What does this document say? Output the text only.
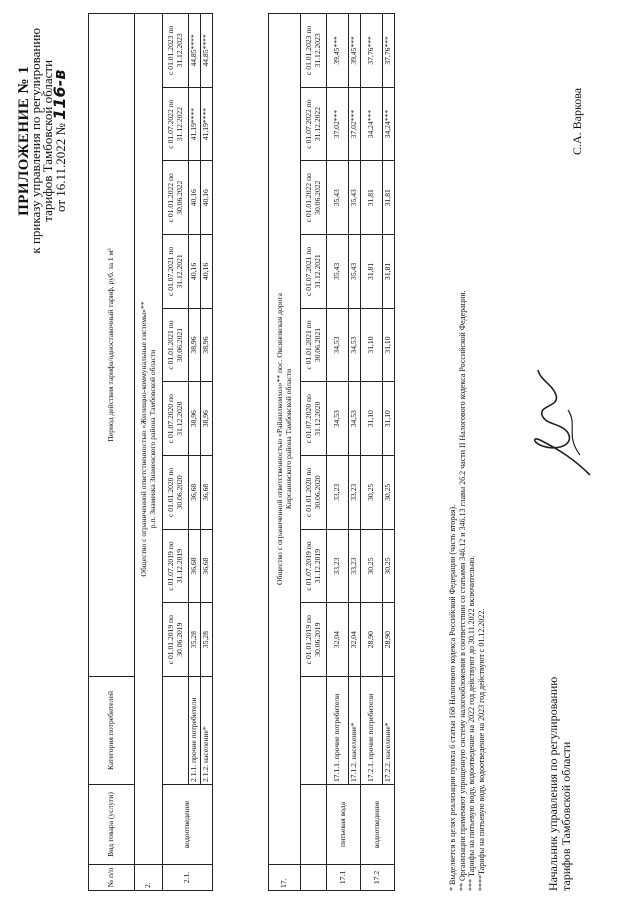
ПРИЛОЖЕНИЕ № 1
к приказу управления по регулированию
тарифов Тамбовской области
от 16.11.2022 № 116-в
№ п/п	Вид товара (услуги)	Категория потребителей	Период действия тарифа/одноставочный тариф, руб. за 1 м³								
2.	Общество с ограниченной ответственностью «Жилищно-коммунальные системы»** р.п. Знаменка Знаменского района Тамбовской области										

2.1.	водоотведение		с 01.01.2019 по 30.06.2019	с 01.07.2019 по 31.12.2019	с 01.01.2020 по 30.06.2020	с 01.07.2020 по 31.12.2020	с 01.01.2021 по 30.06.2021	с 01.07.2021 по 31.12.2021	с 01.01.2022 по 30.06.2022	с 01.07.2022 по 31.12.2022	с 01.01.2023 по 31.12.2023
		2.1.1. прочие потребители	35,28	36,68	36,68	38,96	38,96	40,16	40,16	41,19****	44,85****
		2.1.2. население*	35,28	36,68	36,68	38,96	38,96	40,16	40,16	41,19****	44,85****
17.	Общество с ограниченной ответственностью «Райжилкомхоз»** пос. Овсяновская дорога Кирсановского района Тамбовской области										

			с 01.01.2019 по 30.06.2019	с 01.07.2019 по 31.12.2019	с 01.01.2020 по 30.06.2020	с 01.07.2020 по 31.12.2020	с 01.01.2021 по 30.06.2021	с 01.07.2021 по 31.12.2021	с 01.01.2022 по 30.06.2022	с 01.07.2022 по 31.12.2022	с 01.01.2023 по 31.12.2023
17.1	питьевая вода	17.1.1. прочие потребители	32,04	33,23	33,23	34,53	34,53	35,43	35,43	37,02***	39,45***
		17.1.2. население*	32,04	33,23	33,23	34,53	34,53	35,43	35,43	37,02***	39,45***
17.2	водоотведение	17.2.1. прочие потребители	28,90	30,25	30,25	31,10	31,10	31,81	31,81	34,24***	37,76***
		17.2.2. население*	28,90	30,25	30,25	31,10	31,10	31,81	31,81	34,24***	37,76***
* Выделяется в целях реализации пункта 6 статьи 168 Налогового кодекса Российской Федерации (часть вторая). ** Организации применяют упрощенную систему налогообложения в соответствии со статьями 346.12 и 346.13 главы 26.2 части II Налогового кодекса Российской Федерации. *** Тарифы на питьевую воду, водоотведение на 2022 год действуют до 30.11.2022 включительно. ****Тарифы на питьевую воду, водоотведение на 2023 год действуют с 01.12.2022.	Начальник управления по регулированию тарифов Тамбовской области
С.А. Варкова
